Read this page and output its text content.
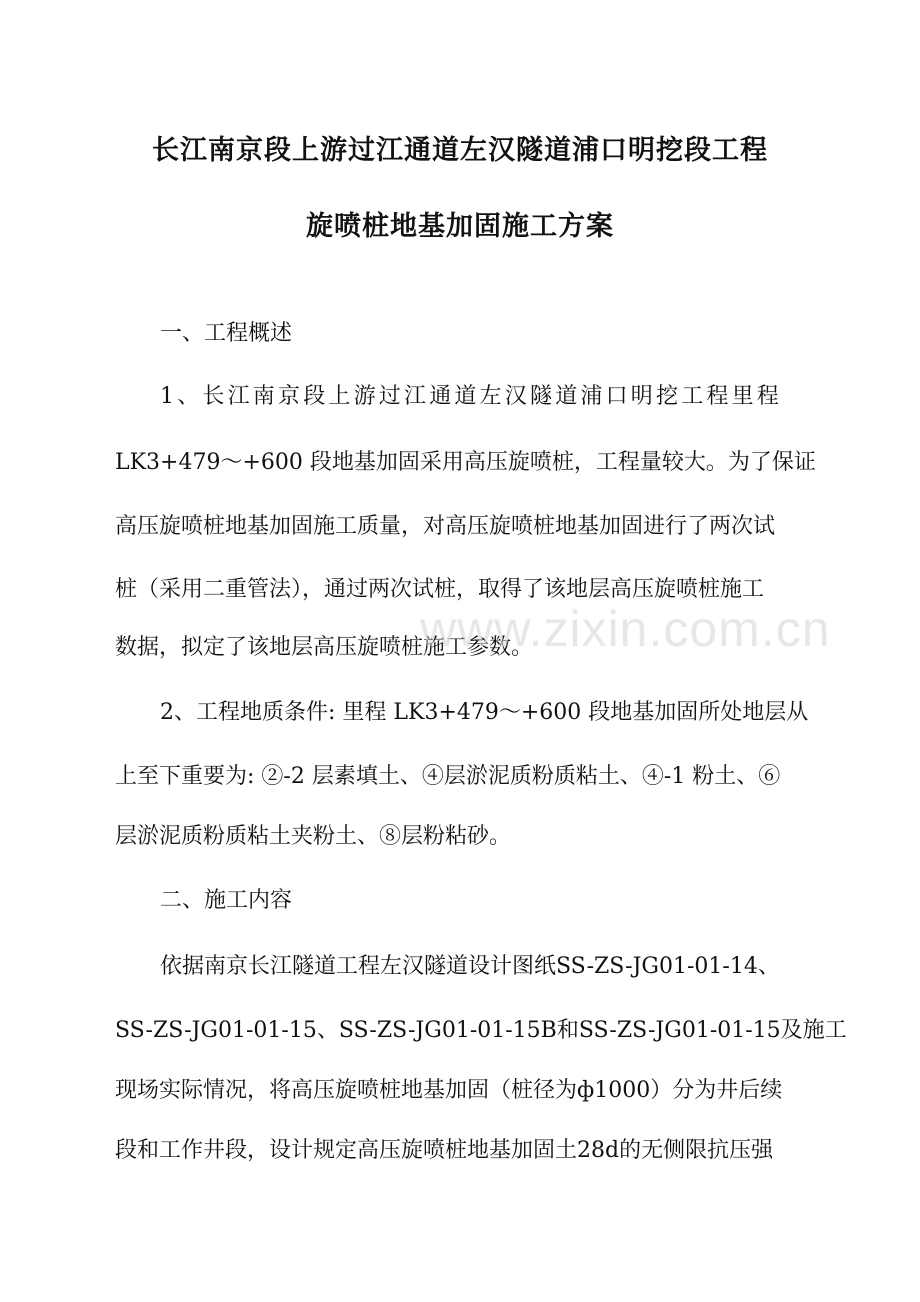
长江南京段上游过江通道左汉隧道浦口明挖段工程
旋喷桩地基加固施工方案
一、工程概述
1、长江南京段上游过江通道左汉隧道浦口明挖工程里程
LK3+479～+600 段地基加固采用高压旋喷桩，工程量较大。为了保证
高压旋喷桩地基加固施工质量，对高压旋喷桩地基加固进行了两次试
桩（采用二重管法），通过两次试桩，取得了该地层高压旋喷桩施工
数据，拟定了该地层高压旋喷桩施工参数。
2、工程地质条件: 里程 LK3+479～+600 段地基加固所处地层从
上至下重要为: ②-2 层素填土、④层淤泥质粉质粘土、④-1 粉土、⑥
层淤泥质粉质粘土夹粉土、⑧层粉粘砂。
二、施工内容
依据南京长江隧道工程左汉隧道设计图纸SS-ZS-JG01-01-14、
SS-ZS-JG01-01-15、SS-ZS-JG01-01-15B和SS-ZS-JG01-01-15及施工
现场实际情况，将高压旋喷桩地基加固（桩径为ф1000）分为井后续
段和工作井段，设计规定高压旋喷桩地基加固土28d的无侧限抗压强
www.zixin.com.cn
